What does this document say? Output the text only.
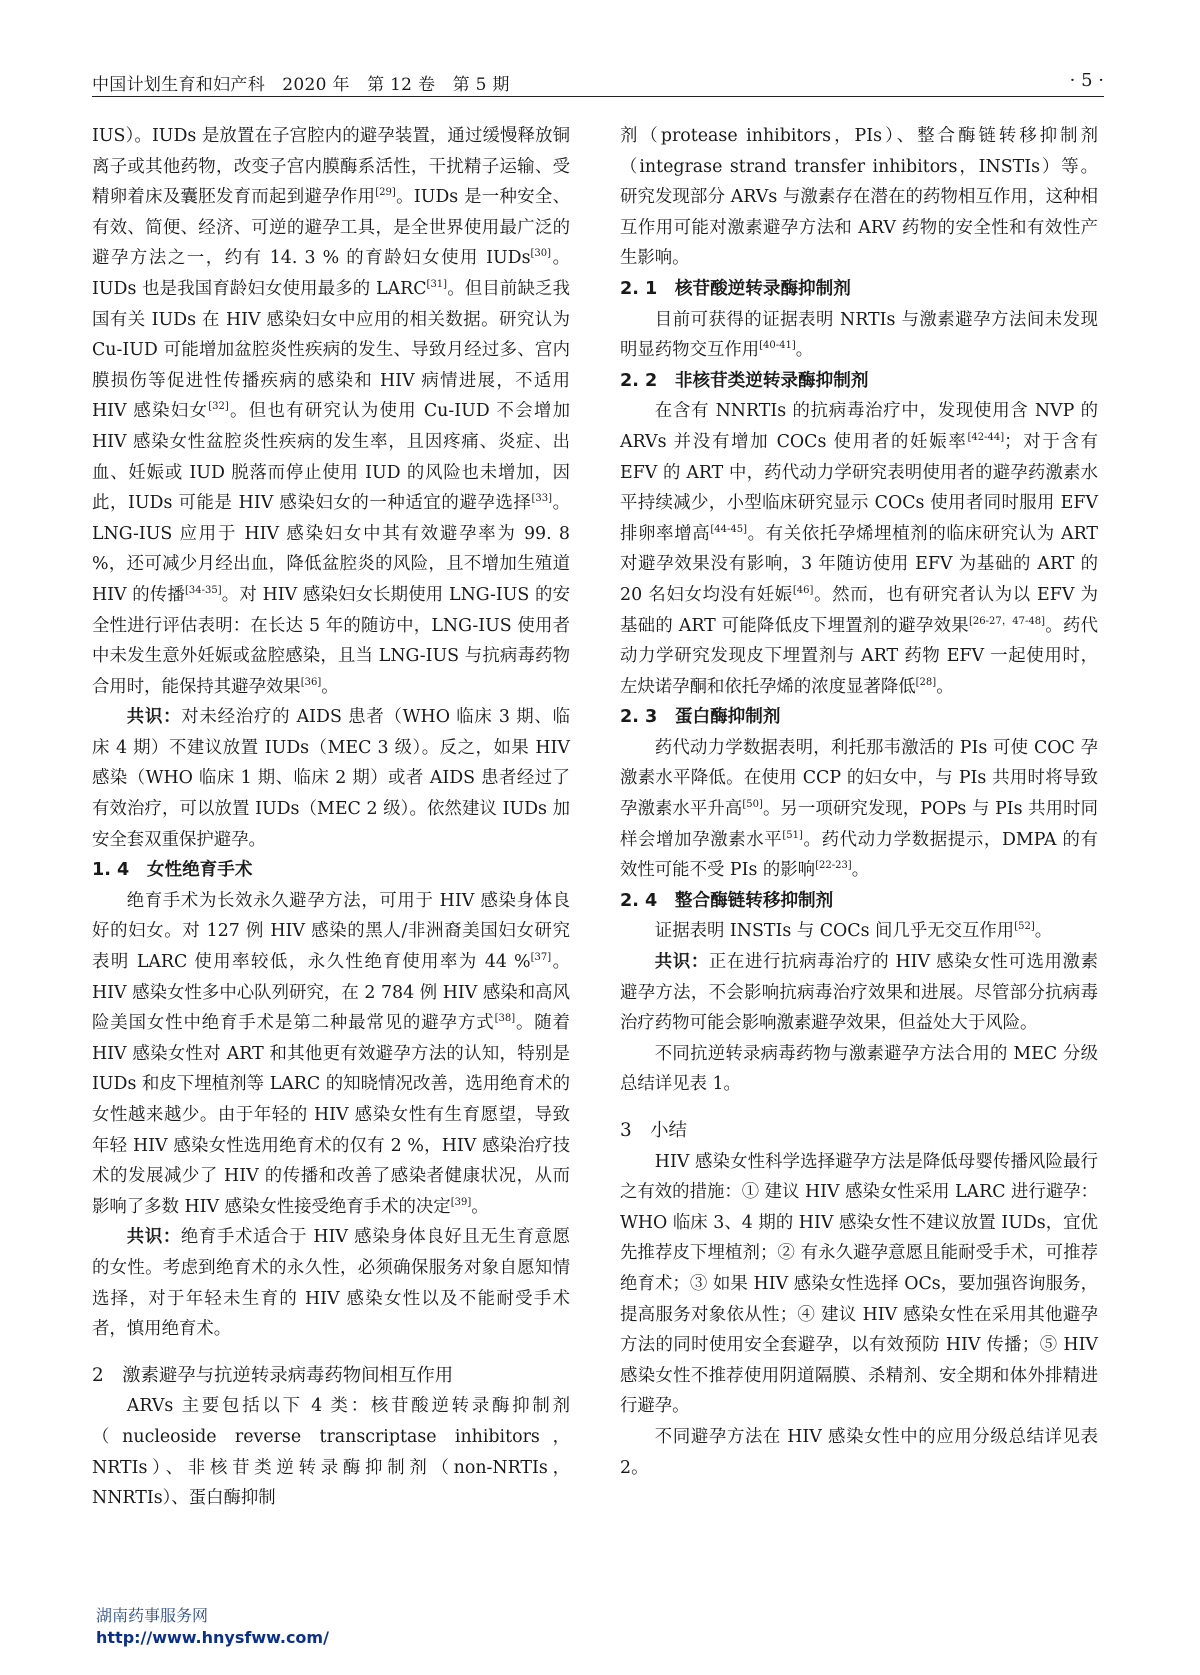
中国计划生育和妇产科　2020 年　第 12 卷　第 5 期	· 5 ·

IUS）。IUDs 是放置在子宫腔内的避孕装置，通过缓慢释放铜离子或其他药物，改变子宫内膜酶系活性，干扰精子运输、受精卵着床及囊胚发育而起到避孕作用[29]。IUDs 是一种安全、有效、简便、经济、可逆的避孕工具，是全世界使用最广泛的避孕方法之一，约有 14. 3 % 的育龄妇女使用 IUDs[30]。IUDs 也是我国育龄妇女使用最多的 LARC[31]。但目前缺乏我国有关 IUDs 在 HIV 感染妇女中应用的相关数据。研究认为 Cu-IUD 可能增加盆腔炎性疾病的发生、导致月经过多、宫内膜损伤等促进性传播疾病的感染和 HIV 病情进展，不适用 HIV 感染妇女[32]。但也有研究认为使用 Cu-IUD 不会增加 HIV 感染女性盆腔炎性疾病的发生率，且因疼痛、炎症、出血、妊娠或 IUD 脱落而停止使用 IUD 的风险也未增加，因此，IUDs 可能是 HIV 感染妇女的一种适宜的避孕选择[33]。LNG-IUS 应用于 HIV 感染妇女中其有效避孕率为 99. 8 %，还可减少月经出血，降低盆腔炎的风险，且不增加生殖道 HIV 的传播[34-35]。对 HIV 感染妇女长期使用 LNG-IUS 的安全性进行评估表明：在长达 5 年的随访中，LNG-IUS 使用者中未发生意外妊娠或盆腔感染，且当 LNG-IUS 与抗病毒药物合用时，能保持其避孕效果[36]。

共识：对未经治疗的 AIDS 患者（WHO 临床 3 期、临床 4 期）不建议放置 IUDs（MEC 3 级）。反之，如果 HIV 感染（WHO 临床 1 期、临床 2 期）或者 AIDS 患者经过了有效治疗，可以放置 IUDs（MEC 2 级）。依然建议 IUDs 加安全套双重保护避孕。

1. 4　女性绝育手术

绝育手术为长效永久避孕方法，可用于 HIV 感染身体良好的妇女。对 127 例 HIV 感染的黑人/非洲裔美国妇女研究表明 LARC 使用率较低，永久性绝育使用率为 44 %[37]。HIV 感染女性多中心队列研究，在 2 784 例 HIV 感染和高风险美国女性中绝育手术是第二种最常见的避孕方式[38]。随着 HIV 感染女性对 ART 和其他更有效避孕方法的认知，特别是 IUDs 和皮下埋植剂等 LARC 的知晓情况改善，选用绝育术的女性越来越少。由于年轻的 HIV 感染女性有生育愿望，导致年轻 HIV 感染女性选用绝育术的仅有 2 %，HIV 感染治疗技术的发展减少了 HIV 的传播和改善了感染者健康状况，从而影响了多数 HIV 感染女性接受绝育手术的决定[39]。

共识：绝育手术适合于 HIV 感染身体良好且无生育意愿的女性。考虑到绝育术的永久性，必须确保服务对象自愿知情选择，对于年轻未生育的 HIV 感染女性以及不能耐受手术者，慎用绝育术。

2　激素避孕与抗逆转录病毒药物间相互作用

ARVs 主要包括以下 4 类：核苷酸逆转录酶抑制剂（nucleoside reverse transcriptase inhibitors，NRTIs）、非核苷类逆转录酶抑制剂（non-NRTIs，NNRTIs）、蛋白酶抑制

剂（protease inhibitors，PIs）、整合酶链转移抑制剂（integrase strand transfer inhibitors，INSTIs）等。研究发现部分 ARVs 与激素存在潜在的药物相互作用，这种相互作用可能对激素避孕方法和 ARV 药物的安全性和有效性产生影响。

2. 1　核苷酸逆转录酶抑制剂

目前可获得的证据表明 NRTIs 与激素避孕方法间未发现明显药物交互作用[40-41]。

2. 2　非核苷类逆转录酶抑制剂

在含有 NNRTIs 的抗病毒治疗中，发现使用含 NVP 的 ARVs 并没有增加 COCs 使用者的妊娠率[42-44]；对于含有 EFV 的 ART 中，药代动力学研究表明使用者的避孕药激素水平持续减少，小型临床研究显示 COCs 使用者同时服用 EFV 排卵率增高[44-45]。有关依托孕烯埋植剂的临床研究认为 ART 对避孕效果没有影响，3 年随访使用 EFV 为基础的 ART 的 20 名妇女均没有妊娠[46]。然而，也有研究者认为以 EFV 为基础的 ART 可能降低皮下埋置剂的避孕效果[26-27，47-48]。药代动力学研究发现皮下埋置剂与 ART 药物 EFV 一起使用时，左炔诺孕酮和依托孕烯的浓度显著降低[28]。

2. 3　蛋白酶抑制剂

药代动力学数据表明，利托那韦激活的 PIs 可使 COC 孕激素水平降低。在使用 CCP 的妇女中，与 PIs 共用时将导致孕激素水平升高[50]。另一项研究发现，POPs 与 PIs 共用时同样会增加孕激素水平[51]。药代动力学数据提示，DMPA 的有效性可能不受 PIs 的影响[22-23]。

2. 4　整合酶链转移抑制剂

证据表明 INSTIs 与 COCs 间几乎无交互作用[52]。

共识：正在进行抗病毒治疗的 HIV 感染女性可选用激素避孕方法，不会影响抗病毒治疗效果和进展。尽管部分抗病毒治疗药物可能会影响激素避孕效果，但益处大于风险。

不同抗逆转录病毒药物与激素避孕方法合用的 MEC 分级总结详见表 1。

3　小结

HIV 感染女性科学选择避孕方法是降低母婴传播风险最行之有效的措施：① 建议 HIV 感染女性采用 LARC 进行避孕：WHO 临床 3、4 期的 HIV 感染女性不建议放置 IUDs，宜优先推荐皮下埋植剂；② 有永久避孕意愿且能耐受手术，可推荐绝育术；③ 如果 HIV 感染女性选择 OCs，要加强咨询服务，提高服务对象依从性；④ 建议 HIV 感染女性在采用其他避孕方法的同时使用安全套避孕，以有效预防 HIV 传播；⑤ HIV 感染女性不推荐使用阴道隔膜、杀精剂、安全期和体外排精进行避孕。

不同避孕方法在 HIV 感染女性中的应用分级总结详见表 2。

湖南药事服务网
http://www.hnysfww.com/
